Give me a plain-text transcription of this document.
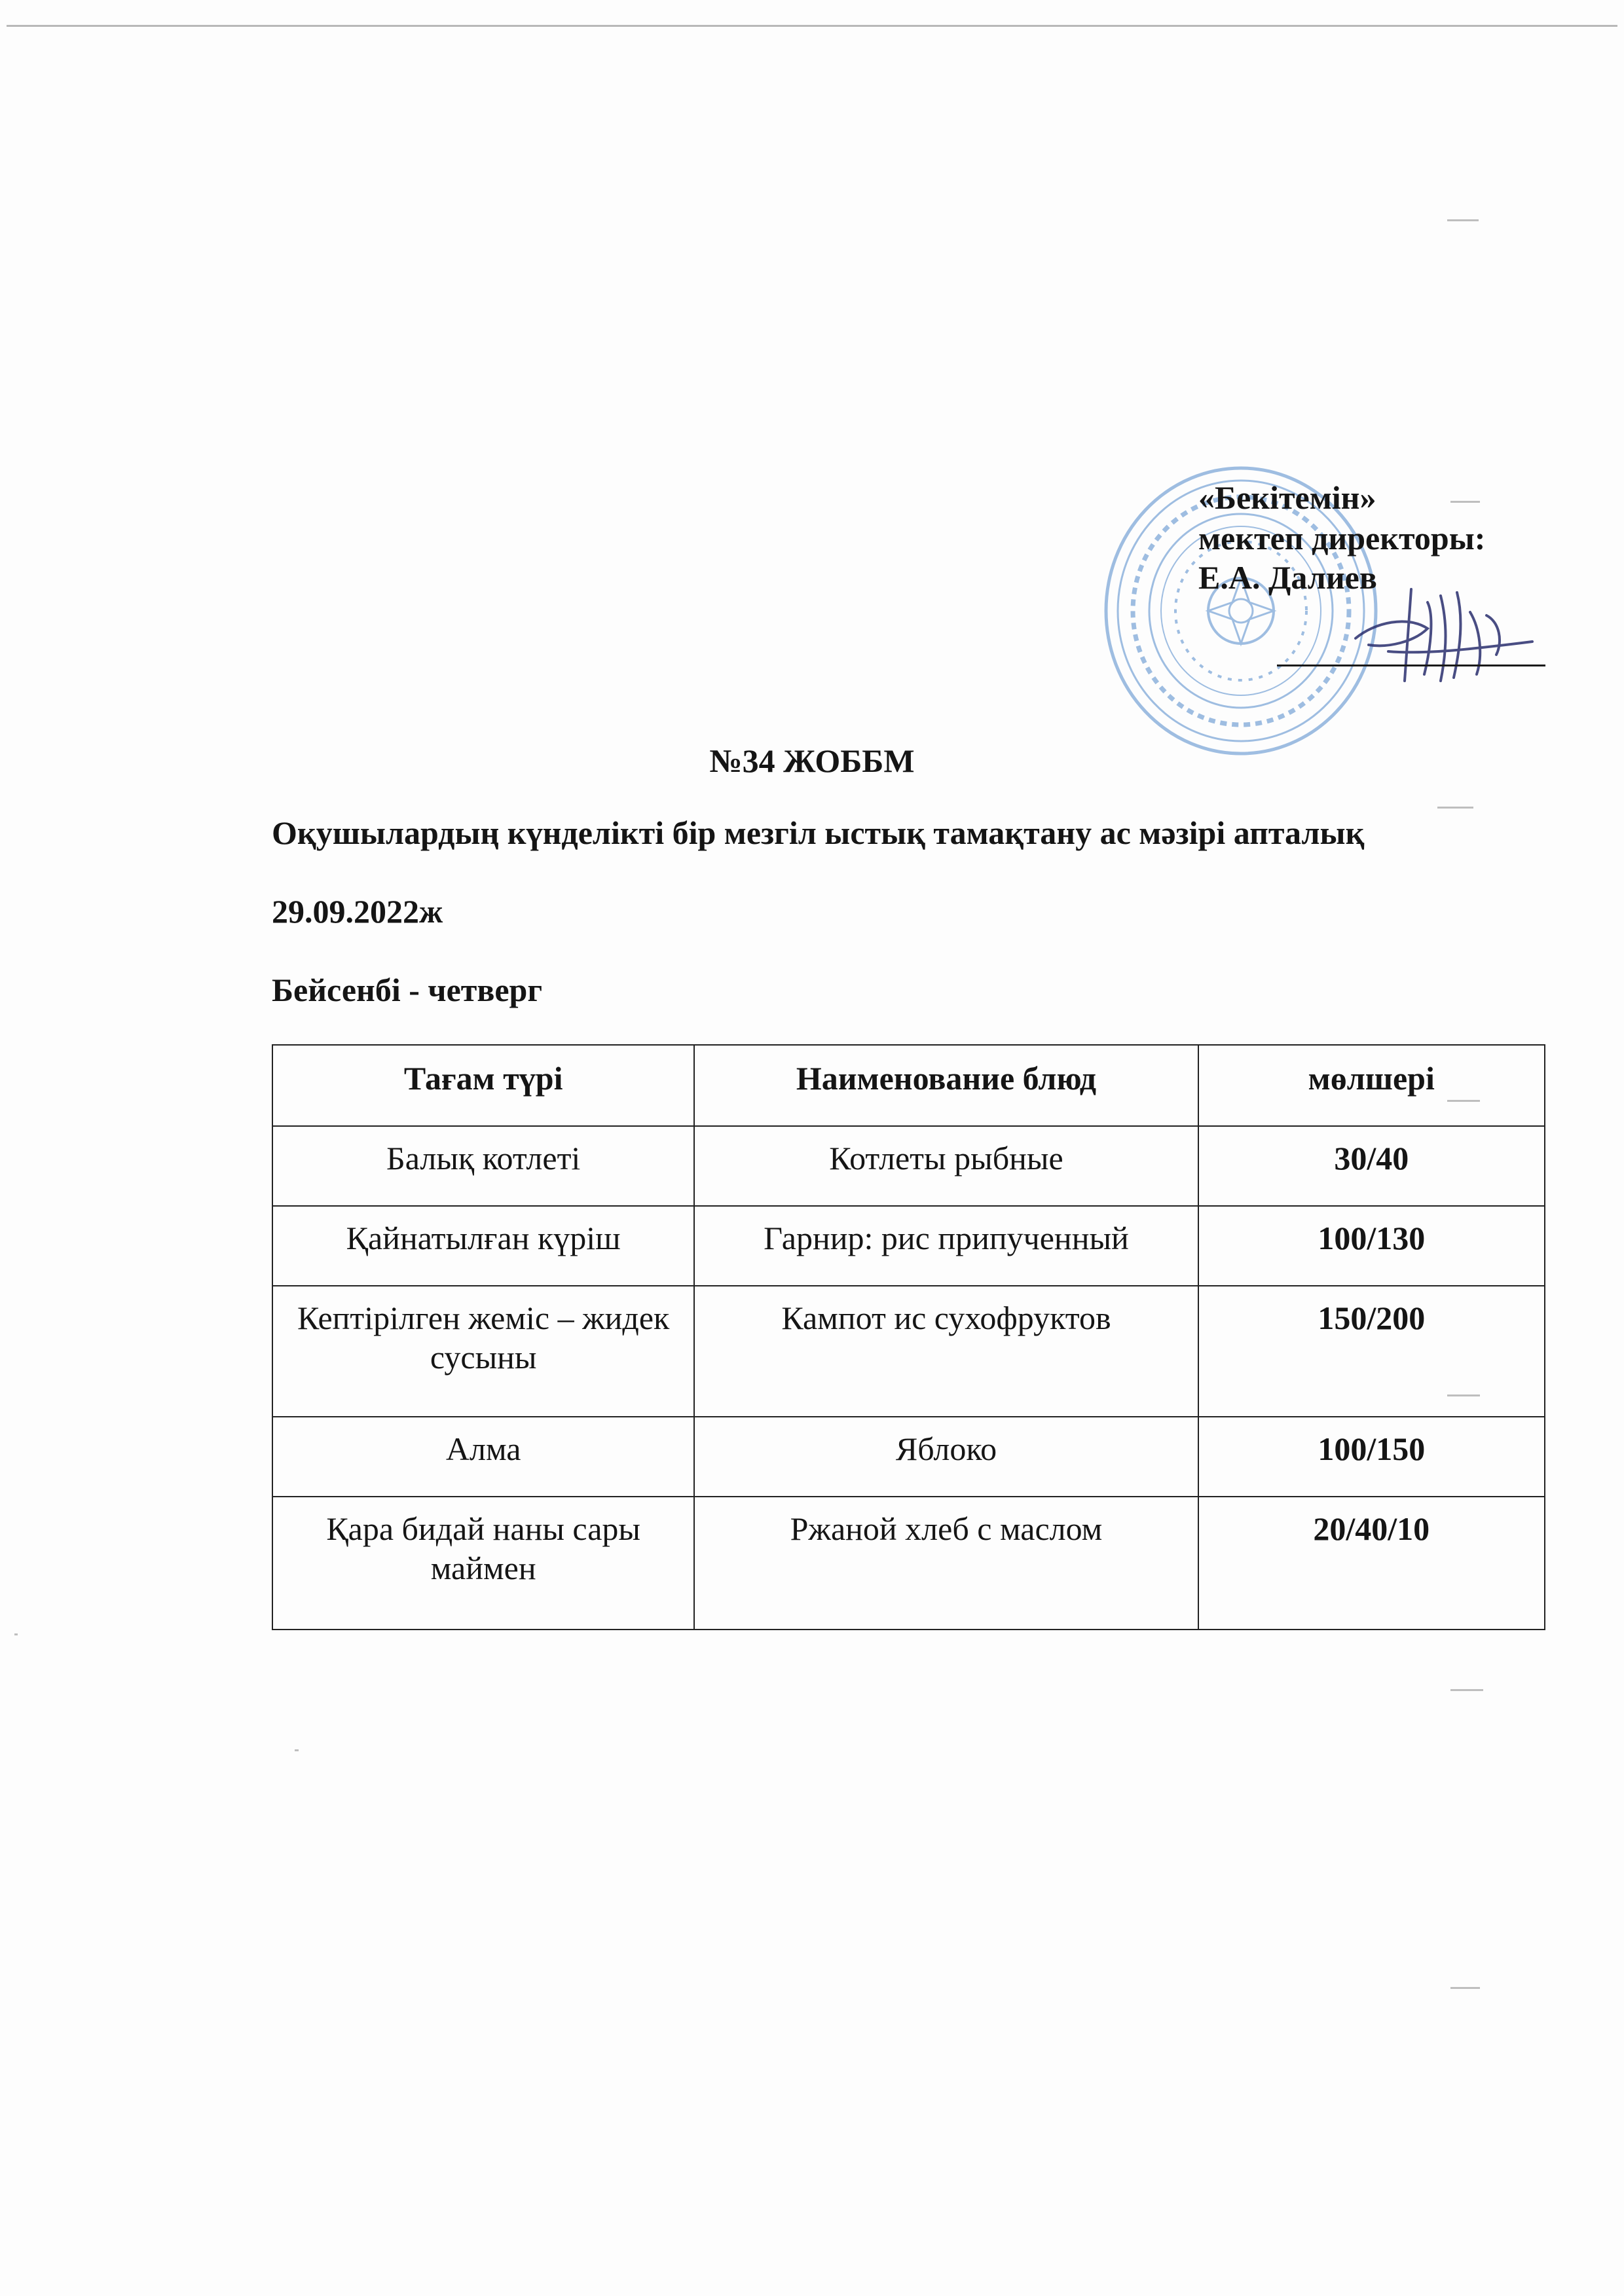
«Бекітемін»
мектеп директоры:
Е.А. Далиев
№34 ЖОББМ
Оқушылардың күнделікті бір мезгіл ыстық тамақтану ас мәзірі апталық
29.09.2022ж
Бейсенбі - четверг
Тағам түрі	Наименование блюд	мөлшері
Балық котлеті	Котлеты рыбные	30/40
Қайнатылған күріш	Гарнир: рис припученный	100/130
Кептірілген жеміс – жидек сусыны	Кампот ис сухофруктов	150/200
Алма	Яблоко	100/150
Қара бидай наны сары маймен	Ржаной хлеб с маслом	20/40/10
